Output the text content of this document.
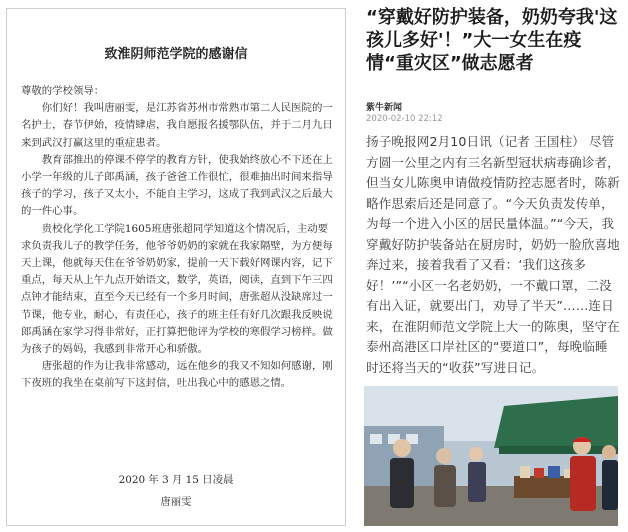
致淮阴师范学院的感谢信

尊敬的学校领导：

你们好！我叫唐丽雯，是江苏省苏州市常熟市第二人民医院的一名护士，春节伊始，疫情肆虐，我自愿报名援鄂队伍，并于二月九日来到武汉打赢这里的重症患者。

教育部推出的停课不停学的教育方针，使我始终放心不下还在上小学一年级的儿子郎禹涵，孩子爸爸工作很忙，很难抽出时间来指导孩子的学习，孩子又太小，不能自主学习，这成了我到武汉之后最大的一件心事。

贵校化学化工学院1605班唐张超同学知道这个情况后，主动要求负责我儿子的教学任务，他爷爷奶奶的家就在我家隔壁，为方便每天上课，他就每天住在爷爷奶奶家，提前一天下载好网课内容，记下重点，每天从上午九点开始语文，数学，英语，阅读，直到下午三四点钟才能结束，直至今天已经有一个多月时间，唐张超从没缺席过一节课，他专业，耐心，有责任心，孩子的班主任有好几次跟我反映说郎禹涵在家学习得非常好，正打算把他评为学校的寒假学习榜样。做为孩子的妈妈，我感到非常开心和骄傲。

唐张超的作为让我非常感动，远在他乡的我又不知如何感谢，刚下夜班的我坐在桌前写下这封信，吐出我心中的感恩之情。

2020 年 3 月 15 日凌晨
唐丽雯
“穿戴好防护装备，奶奶夸我'这孩儿多好'！”大一女生在疫情“重灾区”做志愿者
紫牛新闻
2020-02-10 22:12
扬子晚报网2月10日讯（记者 王国柱） 尽管方圆一公里之内有三名新型冠状病毒确诊者，但当女儿陈奥申请做疫情防控志愿者时，陈新略作思索后还是同意了。“今天负责发传单，为每一个进入小区的居民量体温。”“今天，我穿戴好防护装备站在厨房时，奶奶一脸欣喜地奔过来，接着我看了又看：‘我们这孩多好！’”“小区一名老奶奶，一不戴口罩，二没有出入证，就要出门，劝导了半天”……连日来，在淮阴师范文学院上大一的陈奥，坚守在泰州高港区口岸社区的“要道口”，每晚临睡时还将当天的“收获”写进日记。
